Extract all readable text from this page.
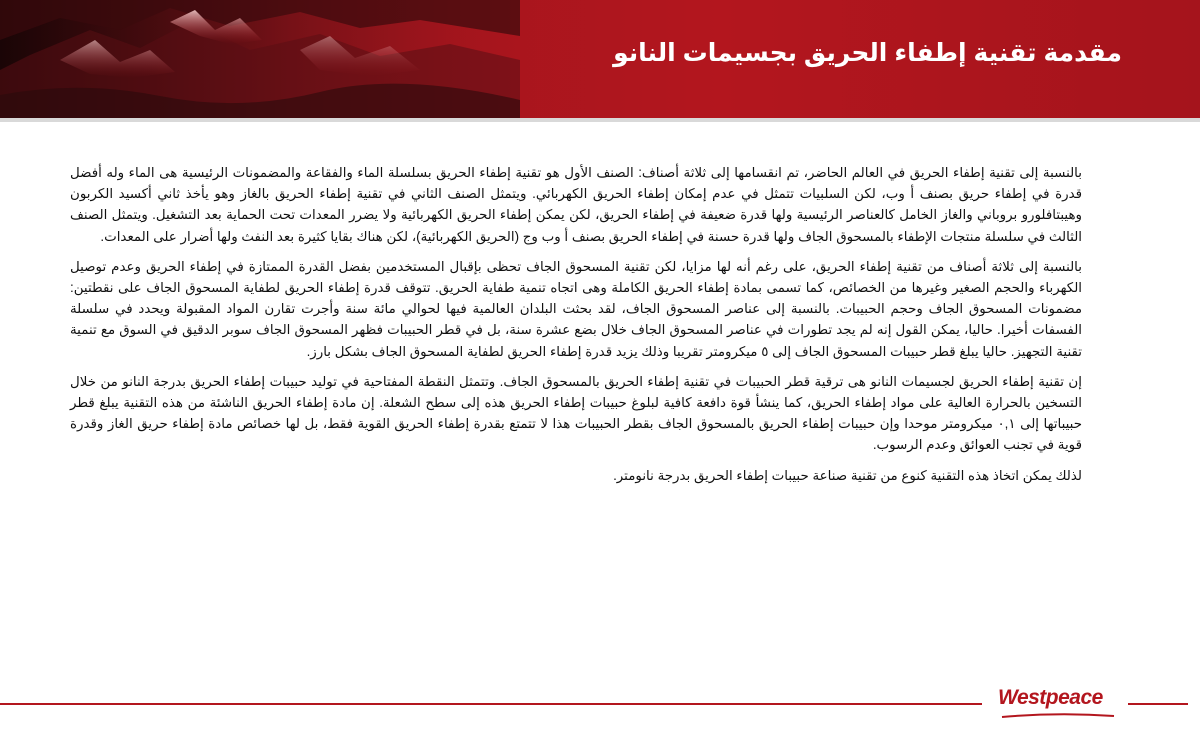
مقدمة تقنية إطفاء الحريق بجسيمات النانو

بالنسبة إلى تقنية إطفاء الحريق في العالم الحاضر، تم انقسامها إلى ثلاثة أصناف: الصنف الأول هو تقنية إطفاء الحريق بسلسلة الماء والفقاعة والمضمونات الرئيسية هى الماء وله أفضل قدرة في إطفاء حريق بصنف أ وب، لكن السلبيات تتمثل في عدم إمكان إطفاء الحريق الكهربائي. ويتمثل الصنف الثاني في تقنية إطفاء الحريق بالغاز وهو يأخذ ثاني أكسيد الكربون وهيبتافلورو بروباني والغاز الخامل كالعناصر الرئيسية ولها قدرة ضعيفة في إطفاء الحريق، لكن يمكن إطفاء الحريق الكهربائية ولا يضرر المعدات تحت الحماية بعد التشغيل. ويتمثل الصنف الثالث في سلسلة منتجات الإطفاء بالمسحوق الجاف ولها قدرة حسنة في إطفاء الحريق بصنف أ وب وج (الحريق الكهربائية)، لكن هناك بقايا كثيرة بعد النفث ولها أضرار على المعدات.

بالنسبة إلى ثلاثة أصناف من تقنية إطفاء الحريق، على رغم أنه لها مزايا، لكن تقنية المسحوق الجاف تحظى بإقبال المستخدمين بفضل القدرة الممتازة في إطفاء الحريق وعدم توصيل الكهرباء والحجم الصغير وغيرها من الخصائص، كما تسمى بمادة إطفاء الحريق الكاملة وهى اتجاه تنمية طفاية الحريق. تتوقف قدرة إطفاء الحريق لطفاية المسحوق الجاف على نقطتين: مضمونات المسحوق الجاف وحجم الحبيبات. بالنسبة إلى عناصر المسحوق الجاف، لقد بحثت البلدان العالمية فيها لحوالي مائة سنة وأجرت تقارن المواد المقبولة ويحدد في سلسلة الفسفات أخيرا. حاليا، يمكن القول إنه لم يجد تطورات في عناصر المسحوق الجاف خلال بضع عشرة سنة، بل في قطر الحبيبات فظهر المسحوق الجاف سوبر الدقيق في السوق مع تنمية تقنية التجهيز. حاليا يبلغ قطر حبيبات المسحوق الجاف إلى ٥ ميكرومتر تقريبا وذلك يزيد قدرة إطفاء الحريق لطفاية المسحوق الجاف بشكل بارز.

إن تقنية إطفاء الحريق لجسيمات النانو هى ترقية قطر الحبيبات في تقنية إطفاء الحريق بالمسحوق الجاف. وتتمثل النقطة المفتاحية في توليد حبيبات إطفاء الحريق بدرجة النانو من خلال التسخين بالحرارة العالية على مواد إطفاء الحريق، كما ينشأ قوة دافعة كافية لبلوغ حبيبات إطفاء الحريق هذه إلى سطح الشعلة. إن مادة إطفاء الحريق الناشئة من هذه التقنية يبلغ قطر حبيباتها إلى ٠,١ ميكرومتر موحدا وإن حبيبات إطفاء الحريق بالمسحوق الجاف بقطر الحبيبات هذا لا تتمتع بقدرة إطفاء الحريق القوية فقط، بل لها خصائص مادة إطفاء حريق الغاز وقدرة قوية في تجنب العوائق وعدم الرسوب.

لذلك يمكن اتخاذ هذه التقنية كنوع من تقنية صناعة حبيبات إطفاء الحريق بدرجة نانومتر.

Westpeace
